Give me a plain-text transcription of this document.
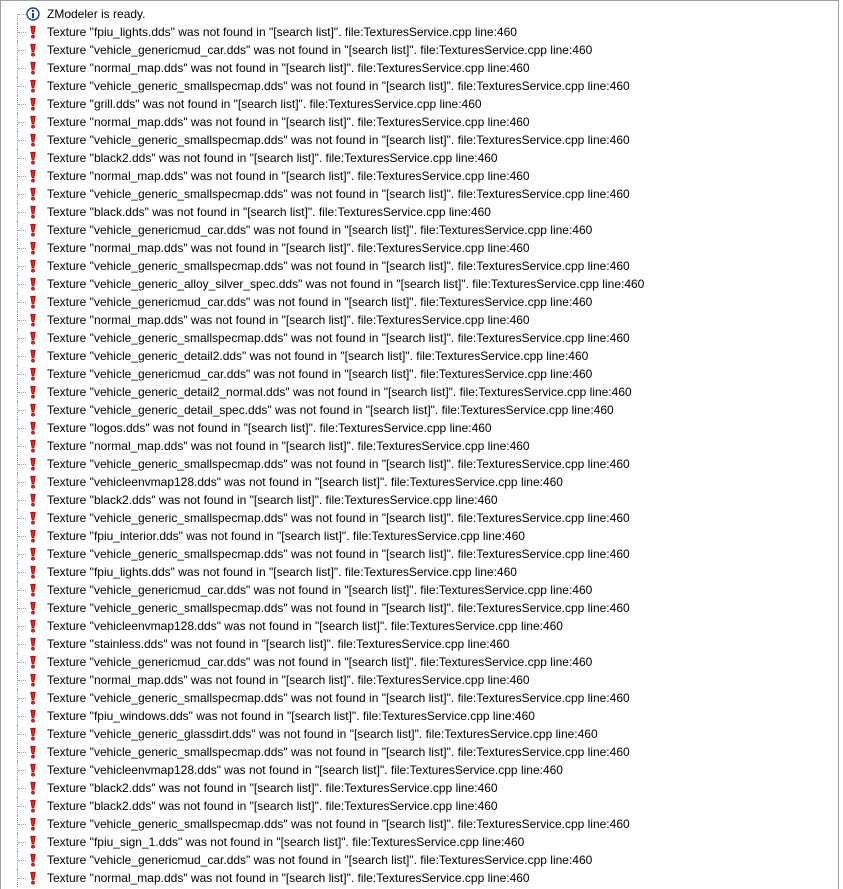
ZModeler is ready.
Texture "fpiu_lights.dds" was not found in "[search list]". file:TexturesService.cpp line:460
Texture "vehicle_genericmud_car.dds" was not found in "[search list]". file:TexturesService.cpp line:460
Texture "normal_map.dds" was not found in "[search list]". file:TexturesService.cpp line:460
Texture "vehicle_generic_smallspecmap.dds" was not found in "[search list]". file:TexturesService.cpp line:460
Texture "grill.dds" was not found in "[search list]". file:TexturesService.cpp line:460
Texture "normal_map.dds" was not found in "[search list]". file:TexturesService.cpp line:460
Texture "vehicle_generic_smallspecmap.dds" was not found in "[search list]". file:TexturesService.cpp line:460
Texture "black2.dds" was not found in "[search list]". file:TexturesService.cpp line:460
Texture "normal_map.dds" was not found in "[search list]". file:TexturesService.cpp line:460
Texture "vehicle_generic_smallspecmap.dds" was not found in "[search list]". file:TexturesService.cpp line:460
Texture "black.dds" was not found in "[search list]". file:TexturesService.cpp line:460
Texture "vehicle_genericmud_car.dds" was not found in "[search list]". file:TexturesService.cpp line:460
Texture "normal_map.dds" was not found in "[search list]". file:TexturesService.cpp line:460
Texture "vehicle_generic_smallspecmap.dds" was not found in "[search list]". file:TexturesService.cpp line:460
Texture "vehicle_generic_alloy_silver_spec.dds" was not found in "[search list]". file:TexturesService.cpp line:460
Texture "vehicle_genericmud_car.dds" was not found in "[search list]". file:TexturesService.cpp line:460
Texture "normal_map.dds" was not found in "[search list]". file:TexturesService.cpp line:460
Texture "vehicle_generic_smallspecmap.dds" was not found in "[search list]". file:TexturesService.cpp line:460
Texture "vehicle_generic_detail2.dds" was not found in "[search list]". file:TexturesService.cpp line:460
Texture "vehicle_genericmud_car.dds" was not found in "[search list]". file:TexturesService.cpp line:460
Texture "vehicle_generic_detail2_normal.dds" was not found in "[search list]". file:TexturesService.cpp line:460
Texture "vehicle_generic_detail_spec.dds" was not found in "[search list]". file:TexturesService.cpp line:460
Texture "logos.dds" was not found in "[search list]". file:TexturesService.cpp line:460
Texture "normal_map.dds" was not found in "[search list]". file:TexturesService.cpp line:460
Texture "vehicle_generic_smallspecmap.dds" was not found in "[search list]". file:TexturesService.cpp line:460
Texture "vehicleenvmap128.dds" was not found in "[search list]". file:TexturesService.cpp line:460
Texture "black2.dds" was not found in "[search list]". file:TexturesService.cpp line:460
Texture "vehicle_generic_smallspecmap.dds" was not found in "[search list]". file:TexturesService.cpp line:460
Texture "fpiu_interior.dds" was not found in "[search list]". file:TexturesService.cpp line:460
Texture "vehicle_generic_smallspecmap.dds" was not found in "[search list]". file:TexturesService.cpp line:460
Texture "fpiu_lights.dds" was not found in "[search list]". file:TexturesService.cpp line:460
Texture "vehicle_genericmud_car.dds" was not found in "[search list]". file:TexturesService.cpp line:460
Texture "vehicle_generic_smallspecmap.dds" was not found in "[search list]". file:TexturesService.cpp line:460
Texture "vehicleenvmap128.dds" was not found in "[search list]". file:TexturesService.cpp line:460
Texture "stainless.dds" was not found in "[search list]". file:TexturesService.cpp line:460
Texture "vehicle_genericmud_car.dds" was not found in "[search list]". file:TexturesService.cpp line:460
Texture "normal_map.dds" was not found in "[search list]". file:TexturesService.cpp line:460
Texture "vehicle_generic_smallspecmap.dds" was not found in "[search list]". file:TexturesService.cpp line:460
Texture "fpiu_windows.dds" was not found in "[search list]". file:TexturesService.cpp line:460
Texture "vehicle_generic_glassdirt.dds" was not found in "[search list]". file:TexturesService.cpp line:460
Texture "vehicle_generic_smallspecmap.dds" was not found in "[search list]". file:TexturesService.cpp line:460
Texture "vehicleenvmap128.dds" was not found in "[search list]". file:TexturesService.cpp line:460
Texture "black2.dds" was not found in "[search list]". file:TexturesService.cpp line:460
Texture "black2.dds" was not found in "[search list]". file:TexturesService.cpp line:460
Texture "vehicle_generic_smallspecmap.dds" was not found in "[search list]". file:TexturesService.cpp line:460
Texture "fpiu_sign_1.dds" was not found in "[search list]". file:TexturesService.cpp line:460
Texture "vehicle_genericmud_car.dds" was not found in "[search list]". file:TexturesService.cpp line:460
Texture "normal_map.dds" was not found in "[search list]". file:TexturesService.cpp line:460
